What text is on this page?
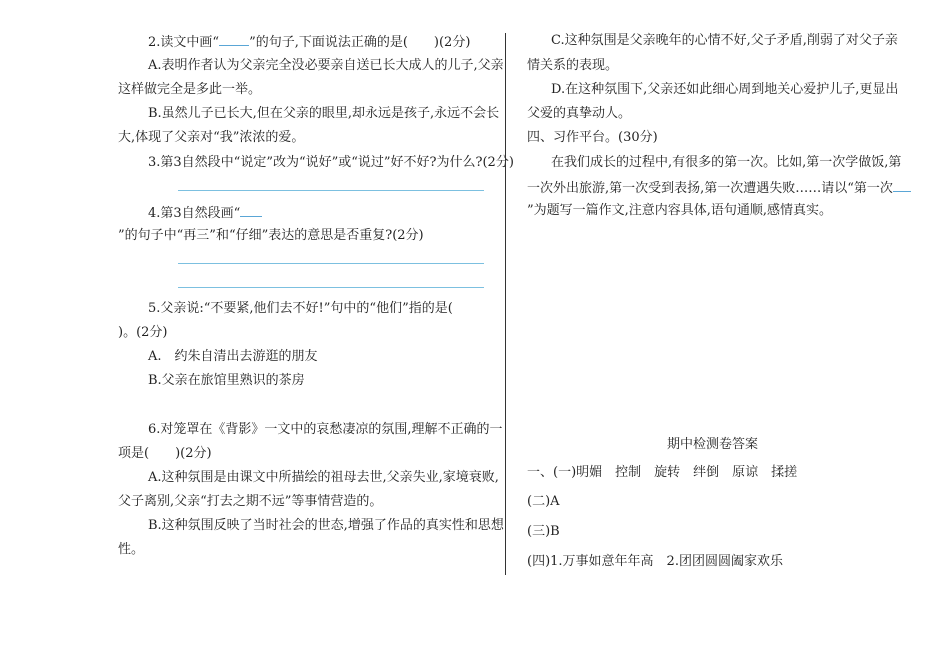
2.读文中画“ ”的句子,下面说法正确的是(　　)(2分)
A.表明作者认为父亲完全没必要亲自送已长大成人的儿子,父亲
这样做完全是多此一举。
B.虽然儿子已长大,但在父亲的眼里,却永远是孩子,永远不会长
大,体现了父亲对“我”浓浓的爱。
3.第3自然段中“说定”改为“说好”或“说过”好不好?为什么?(2分)
4.第3自然段画“
”的句子中“再三”和“仔细”表达的意思是否重复?(2分)
5.父亲说:“不要紧,他们去不好!”句中的“他们”指的是(
)。(2分)
A.　约朱自清出去游逛的朋友
B.父亲在旅馆里熟识的茶房
6.对笼罩在《背影》一文中的哀愁凄凉的氛围,理解不正确的一
项是(　　)(2分)
A.这种氛围是由课文中所描绘的祖母去世,父亲失业,家境衰败,
父子离别,父亲“打去之期不远”等事情营造的。
B.这种氛围反映了当时社会的世态,增强了作品的真实性和思想
性。
C.这种氛围是父亲晚年的心情不好,父子矛盾,削弱了对父子亲
情关系的表现。
D.在这种氛围下,父亲还如此细心周到地关心爱护儿子,更显出
父爱的真挚动人。
四、习作平台。(30分)
在我们成长的过程中,有很多的第一次。比如,第一次学做饭,第
一次外出旅游,第一次受到表扬,第一次遭遇失败……请以“第一次
”为题写一篇作文,注意内容具体,语句通顺,感情真实。
期中检测卷答案
一、(一)明媚　控制　旋转　绊倒　原谅　揉搓
(二)A
(三)B
(四)1.万事如意年年高　2.团团圆圆阖家欢乐
